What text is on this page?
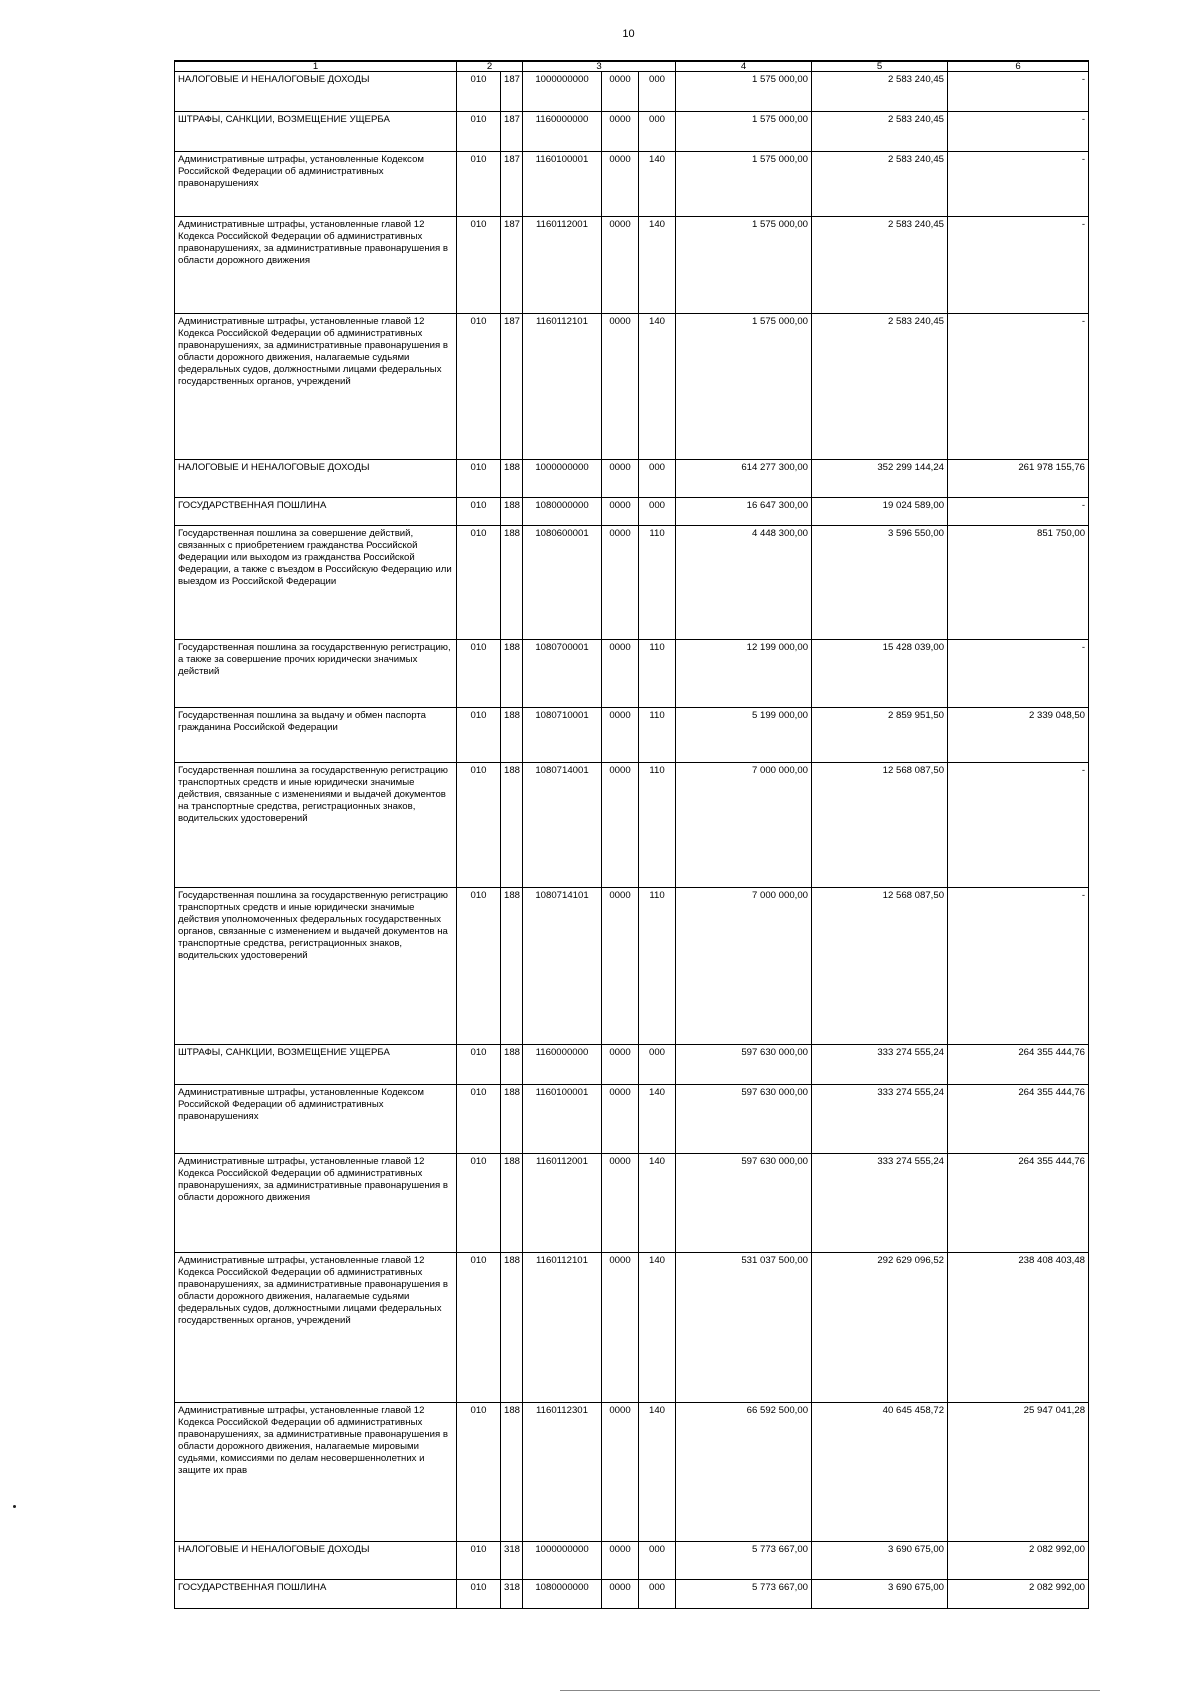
10
1	2		3			4	5	6
НАЛОГОВЫЕ И НЕНАЛОГОВЫЕ ДОХОДЫ	010	187	1000000000	0000	000	1 575 000,00	2 583 240,45	-
ШТРАФЫ, САНКЦИИ, ВОЗМЕЩЕНИЕ УЩЕРБА	010	187	1160000000	0000	000	1 575 000,00	2 583 240,45	-
Административные штрафы, установленные Кодексом Российской Федерации об административных правонарушениях	010	187	1160100001	0000	140	1 575 000,00	2 583 240,45	-
Административные штрафы, установленные главой 12 Кодекса Российской Федерации об административных правонарушениях, за административные правонарушения в области дорожного движения	010	187	1160112001	0000	140	1 575 000,00	2 583 240,45	-
Административные штрафы, установленные главой 12 Кодекса Российской Федерации об административных правонарушениях, за административные правонарушения в области дорожного движения, налагаемые судьями федеральных судов, должностными лицами федеральных государственных органов, учреждений	010	187	1160112101	0000	140	1 575 000,00	2 583 240,45	-
НАЛОГОВЫЕ И НЕНАЛОГОВЫЕ ДОХОДЫ	010	188	1000000000	0000	000	614 277 300,00	352 299 144,24	261 978 155,76
ГОСУДАРСТВЕННАЯ ПОШЛИНА	010	188	1080000000	0000	000	16 647 300,00	19 024 589,00	-
Государственная пошлина за совершение действий, связанных с приобретением гражданства Российской Федерации или выходом из гражданства Российской Федерации, а также с въездом в Российскую Федерацию или выездом из Российской Федерации	010	188	1080600001	0000	110	4 448 300,00	3 596 550,00	851 750,00
Государственная пошлина за государственную регистрацию, а также за совершение прочих юридически значимых действий	010	188	1080700001	0000	110	12 199 000,00	15 428 039,00	-
Государственная пошлина за выдачу и обмен паспорта гражданина Российской Федерации	010	188	1080710001	0000	110	5 199 000,00	2 859 951,50	2 339 048,50
Государственная пошлина за государственную регистрацию транспортных средств и иные юридически значимые действия, связанные с изменениями и выдачей документов на транспортные средства, регистрационных знаков, водительских удостоверений	010	188	1080714001	0000	110	7 000 000,00	12 568 087,50	-
Государственная пошлина за государственную регистрацию транспортных средств и иные юридически значимые действия уполномоченных федеральных государственных органов, связанные с изменением и выдачей документов на транспортные средства, регистрационных знаков, водительских удостоверений	010	188	1080714101	0000	110	7 000 000,00	12 568 087,50	-
ШТРАФЫ, САНКЦИИ, ВОЗМЕЩЕНИЕ УЩЕРБА	010	188	1160000000	0000	000	597 630 000,00	333 274 555,24	264 355 444,76
Административные штрафы, установленные Кодексом Российской Федерации об административных правонарушениях	010	188	1160100001	0000	140	597 630 000,00	333 274 555,24	264 355 444,76
Административные штрафы, установленные главой 12 Кодекса Российской Федерации об административных правонарушениях, за административные правонарушения в области дорожного движения	010	188	1160112001	0000	140	597 630 000,00	333 274 555,24	264 355 444,76
Административные штрафы, установленные главой 12 Кодекса Российской Федерации об административных правонарушениях, за административные правонарушения в области дорожного движения, налагаемые судьями федеральных судов, должностными лицами федеральных государственных органов, учреждений	010	188	1160112101	0000	140	531 037 500,00	292 629 096,52	238 408 403,48
Административные штрафы, установленные главой 12 Кодекса Российской Федерации об административных правонарушениях, за административные правонарушения в области дорожного движения, налагаемые мировыми судьями, комиссиями по делам несовершеннолетних и защите их прав	010	188	1160112301	0000	140	66 592 500,00	40 645 458,72	25 947 041,28
НАЛОГОВЫЕ И НЕНАЛОГОВЫЕ ДОХОДЫ	010	318	1000000000	0000	000	5 773 667,00	3 690 675,00	2 082 992,00
ГОСУДАРСТВЕННАЯ ПОШЛИНА	010	318	1080000000	0000	000	5 773 667,00	3 690 675,00	2 082 992,00
